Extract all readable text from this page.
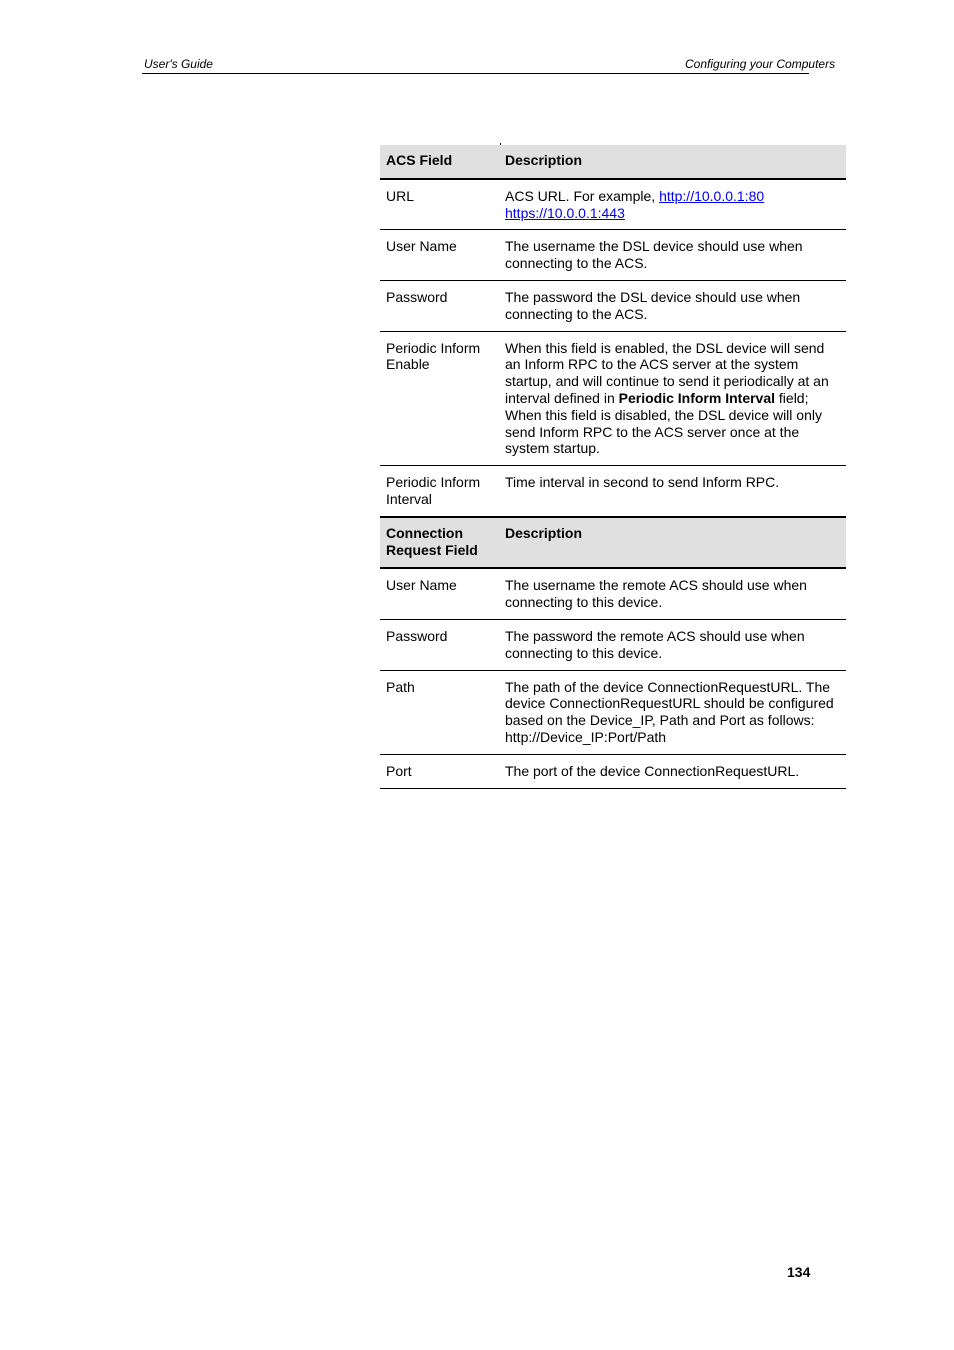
User's Guide	Configuring your Computers
ACS Field	Description
URL	ACS URL. For example, http://10.0.0.1:80
https://10.0.0.1:443
User Name	The username the DSL device should use when connecting to the ACS.
Password	The password the DSL device should use when connecting to the ACS.
Periodic Inform Enable	When this field is enabled, the DSL device will send an Inform RPC to the ACS server at the system startup, and will continue to send it periodically at an interval defined in Periodic Inform Interval field; When this field is disabled, the DSL device will only send Inform RPC to the ACS server once at the system startup.
Periodic Inform Interval	Time interval in second to send Inform RPC.
Connection Request Field	Description
User Name	The username the remote ACS should use when connecting to this device.
Password	The password the remote ACS should use when connecting to this device.
Path	The path of the device ConnectionRequestURL. The device ConnectionRequestURL should be configured based on the Device_IP, Path and Port as follows:
http://Device_IP:Port/Path
Port	The port of the device ConnectionRequestURL.
134
